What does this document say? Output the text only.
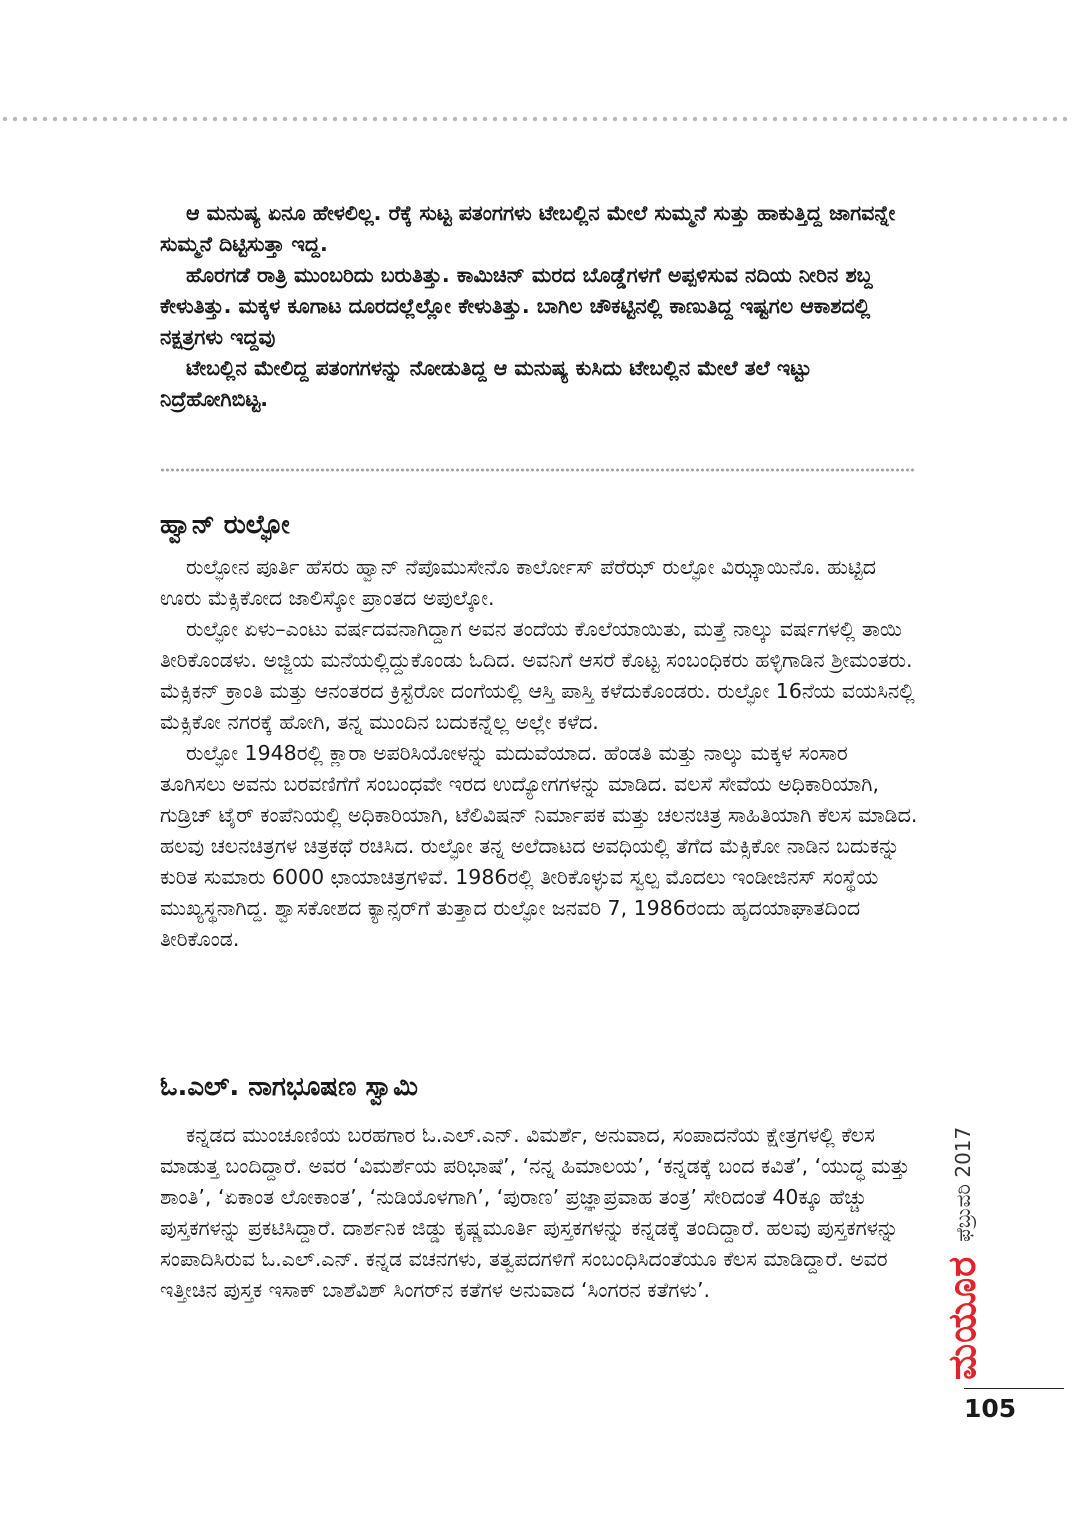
ಆ ಮನುಷ್ಯ ಏನೂ ಹೇಳಲಿಲ್ಲ. ರೆಕ್ಕೆ ಸುಟ್ಟ ಪತಂಗಗಳು ಟೇಬಲ್ಲಿನ ಮೇಲೆ ಸುಮ್ಮನೆ ಸುತ್ತು ಹಾಕುತ್ತಿದ್ದ ಜಾಗವನ್ನೇ ಸುಮ್ಮನೆ ದಿಟ್ಟಿಸುತ್ತಾ ಇದ್ದ.

ಹೊರಗಡೆ ರಾತ್ರಿ ಮುಂಬರಿದು ಬರುತಿತ್ತು. ಕಾಮಿಚಿನ್ ಮರದ ಬೊಡ್ಡೆಗಳಗೆ ಅಪ್ಪಳಿಸುವ ನದಿಯ ನೀರಿನ ಶಬ್ದ ಕೇಳುತಿತ್ತು. ಮಕ್ಕಳ ಕೂಗಾಟ ದೂರದಲ್ಲೆಲ್ಲೋ ಕೇಳುತಿತ್ತು. ಬಾಗಿಲ ಚೌಕಟ್ಟಿನಲ್ಲಿ ಕಾಣುತಿದ್ದ ಇಷ್ಟಗಲ ಆಕಾಶದಲ್ಲಿ ನಕ್ಷತ್ರಗಳು ಇದ್ದವು

ಟೇಬಲ್ಲಿನ ಮೇಲಿದ್ದ ಪತಂಗಗಳನ್ನು ನೋಡುತಿದ್ದ ಆ ಮನುಷ್ಯ ಕುಸಿದು ಟೇಬಲ್ಲಿನ ಮೇಲೆ ತಲೆ ಇಟ್ಟು ನಿದ್ರೆಹೋಗಿಬಿಟ್ಟ.

ಹ್ವಾನ್ ರುಲ್ಫೋ

ರುಲ್ಫೋನ ಪೂರ್ತಿ ಹೆಸರು ಹ್ವಾನ್ ನೆಪೊಮುಸೇನೊ ಕಾರ್ಲೋಸ್ ಪೆರೆಝ್ ರುಲ್ಫೋ ವಿಝ್ಕಾಯಿನೊ. ಹುಟ್ಟಿದ ಊರು ಮೆಕ್ಸಿಕೋದ ಜಾಲಿಸ್ಕೋ ಪ್ರಾಂತದ ಅಪುಲ್ಕೋ.

ರುಲ್ಫೋ ಏಳು–ಎಂಟು ವರ್ಷದವನಾಗಿದ್ದಾಗ ಅವನ ತಂದೆಯ ಕೊಲೆಯಾಯಿತು, ಮತ್ತೆ ನಾಲ್ಕು ವರ್ಷಗಳಲ್ಲಿ ತಾಯಿ ತೀರಿಕೊಂಡಳು. ಅಜ್ಜಿಯ ಮನೆಯಲ್ಲಿದ್ದುಕೊಂಡು ಓದಿದ. ಅವನಿಗೆ ಆಸರೆ ಕೊಟ್ಟ ಸಂಬಂಧಿಕರು ಹಳ್ಳಿಗಾಡಿನ ಶ್ರೀಮಂತರು. ಮೆಕ್ಸಿಕನ್ ಕ್ರಾಂತಿ ಮತ್ತು ಆನಂತರದ ಕ್ರಿಸ್ಟೆರೋ ದಂಗೆಯಲ್ಲಿ ಆಸ್ತಿ ಪಾಸ್ತಿ ಕಳೆದುಕೊಂಡರು. ರುಲ್ಫೋ 16ನೆಯ ವಯಸಿನಲ್ಲಿ ಮೆಕ್ಸಿಕೋ ನಗರಕ್ಕೆ ಹೋಗಿ, ತನ್ನ ಮುಂದಿನ ಬದುಕನ್ನೆಲ್ಲ ಅಲ್ಲೇ ಕಳೆದ.

ರುಲ್ಫೋ 1948ರಲ್ಲಿ ಕ್ಲಾರಾ ಅಪರಿಸಿಯೋಳನ್ನು ಮದುವೆಯಾದ. ಹೆಂಡತಿ ಮತ್ತು ನಾಲ್ಕು ಮಕ್ಕಳ ಸಂಸಾರ ತೂಗಿಸಲು ಅವನು ಬರವಣಿಗೆಗೆ ಸಂಬಂಧವೇ ಇರದ ಉದ್ಯೋಗಗಳನ್ನು ಮಾಡಿದ. ವಲಸೆ ಸೇವೆಯ ಅಧಿಕಾರಿಯಾಗಿ, ಗುಡ್ರಿಚ್ ಟೈರ್ ಕಂಪೆನಿಯಲ್ಲಿ ಅಧಿಕಾರಿಯಾಗಿ, ಟೆಲಿವಿಷನ್ ನಿರ್ಮಾಪಕ ಮತ್ತು ಚಲನಚಿತ್ರ ಸಾಹಿತಿಯಾಗಿ ಕೆಲಸ ಮಾಡಿದ. ಹಲವು ಚಲನಚಿತ್ರಗಳ ಚಿತ್ರಕಥೆ ರಚಿಸಿದ. ರುಲ್ಫೋ ತನ್ನ ಅಲೆದಾಟದ ಅವಧಿಯಲ್ಲಿ ತೆಗೆದ ಮೆಕ್ಸಿಕೋ ನಾಡಿನ ಬದುಕನ್ನು ಕುರಿತ ಸುಮಾರು 6000 ಛಾಯಾಚಿತ್ರಗಳಿವೆ. 1986ರಲ್ಲಿ ತೀರಿಕೊಳ್ಳುವ ಸ್ವಲ್ಪ ಮೊದಲು ಇಂಡೀಜಿನಸ್ ಸಂಸ್ಥೆಯ ಮುಖ್ಯಸ್ಥನಾಗಿದ್ದ. ಶ್ವಾಸಕೋಶದ ಕ್ಯಾನ್ಸರ್‌ಗೆ ತುತ್ತಾದ ರುಲ್ಫೋ ಜನವರಿ 7, 1986ರಂದು ಹೃದಯಾಘಾತದಿಂದ ತೀರಿಕೊಂಡ.

ಓ.ಎಲ್. ನಾಗಭೂಷಣ ಸ್ವಾಮಿ

ಕನ್ನಡದ ಮುಂಚೂಣಿಯ ಬರಹಗಾರ ಓ.ಎಲ್.ಎನ್. ವಿಮರ್ಶೆ, ಅನುವಾದ, ಸಂಪಾದನೆಯ ಕ್ಷೇತ್ರಗಳಲ್ಲಿ ಕೆಲಸ ಮಾಡುತ್ತ ಬಂದಿದ್ದಾರೆ. ಅವರ ‘ವಿಮರ್ಶೆಯ ಪರಿಭಾಷೆ’, ‘ನನ್ನ ಹಿಮಾಲಯ’, ‘ಕನ್ನಡಕ್ಕೆ ಬಂದ ಕವಿತೆ’, ‘ಯುದ್ಧ ಮತ್ತು ಶಾಂತಿ’, ‘ಏಕಾಂತ ಲೋಕಾಂತ’, ‘ನುಡಿಯೊಳಗಾಗಿ’, ‘ಪುರಾಣ’ ಪ್ರಜ್ಞಾಪ್ರವಾಹ ತಂತ್ರ’ ಸೇರಿದಂತೆ 40ಕ್ಕೂ ಹೆಚ್ಚು ಪುಸ್ತಕಗಳನ್ನು ಪ್ರಕಟಿಸಿದ್ದಾರೆ. ದಾರ್ಶನಿಕ ಜಿಡ್ಡು ಕೃಷ್ಣಮೂರ್ತಿ ಪುಸ್ತಕಗಳನ್ನು ಕನ್ನಡಕ್ಕೆ ತಂದಿದ್ದಾರೆ. ಹಲವು ಪುಸ್ತಕಗಳನ್ನು ಸಂಪಾದಿಸಿರುವ ಓ.ಎಲ್.ಎನ್. ಕನ್ನಡ ವಚನಗಳು, ತತ್ವಪದಗಳಿಗೆ ಸಂಬಂಧಿಸಿದಂತೆಯೂ ಕೆಲಸ ಮಾಡಿದ್ದಾರೆ. ಅವರ ಇತ್ತೀಚಿನ ಪುಸ್ತಕ ಇಸಾಕ್ ಬಾಶೆವಿಶ್ ಸಿಂಗರ್‌ನ ಕತೆಗಳ ಅನುವಾದ ‘ಸಿಂಗರನ ಕತೆಗಳು’.	ಮಯೂರ
ಫೆಬ್ರುವರಿ 2017
105
